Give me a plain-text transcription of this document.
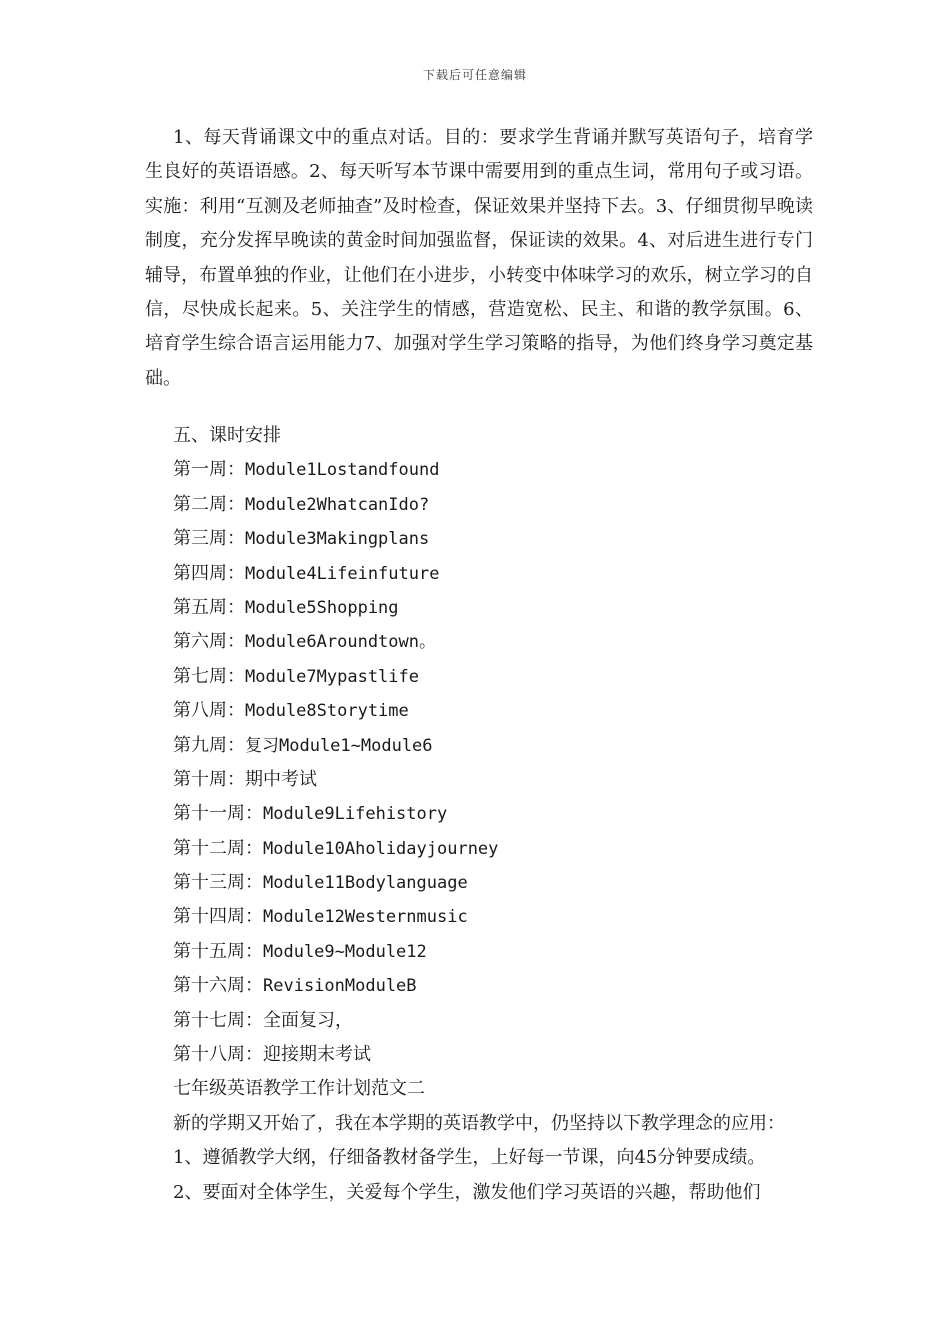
下载后可任意编辑

1、每天背诵课文中的重点对话。目的：要求学生背诵并默写英语句子，培育学生良好的英语语感。2、每天听写本节课中需要用到的重点生词，常用句子或习语。实施：利用“互测及老师抽查”及时检查，保证效果并坚持下去。3、仔细贯彻早晚读制度，充分发挥早晚读的黄金时间加强监督，保证读的效果。4、对后进生进行专门辅导，布置单独的作业，让他们在小进步，小转变中体味学习的欢乐，树立学习的自信，尽快成长起来。5、关注学生的情感，营造宽松、民主、和谐的教学氛围。6、培育学生综合语言运用能力7、加强对学生学习策略的指导，为他们终身学习奠定基础。

五、课时安排
第一周：Module1Lostandfound
第二周：Module2WhatcanIdo?
第三周：Module3Makingplans
第四周：Module4Lifeinfuture
第五周：Module5Shopping
第六周：Module6Aroundtown。
第七周：Module7Mypastlife
第八周：Module8Storytime
第九周：复习Module1~Module6
第十周：期中考试
第十一周：Module9Lifehistory
第十二周：Module10Aholidayjourney
第十三周：Module11Bodylanguage
第十四周：Module12Westernmusic
第十五周：Module9~Module12
第十六周：RevisionModuleB
第十七周：全面复习，
第十八周：迎接期末考试
七年级英语教学工作计划范文二
新的学期又开始了，我在本学期的英语教学中，仍坚持以下教学理念的应用：
1、遵循教学大纲，仔细备教材备学生，上好每一节课，向45分钟要成绩。
2、要面对全体学生，关爱每个学生，激发他们学习英语的兴趣，帮助他们
